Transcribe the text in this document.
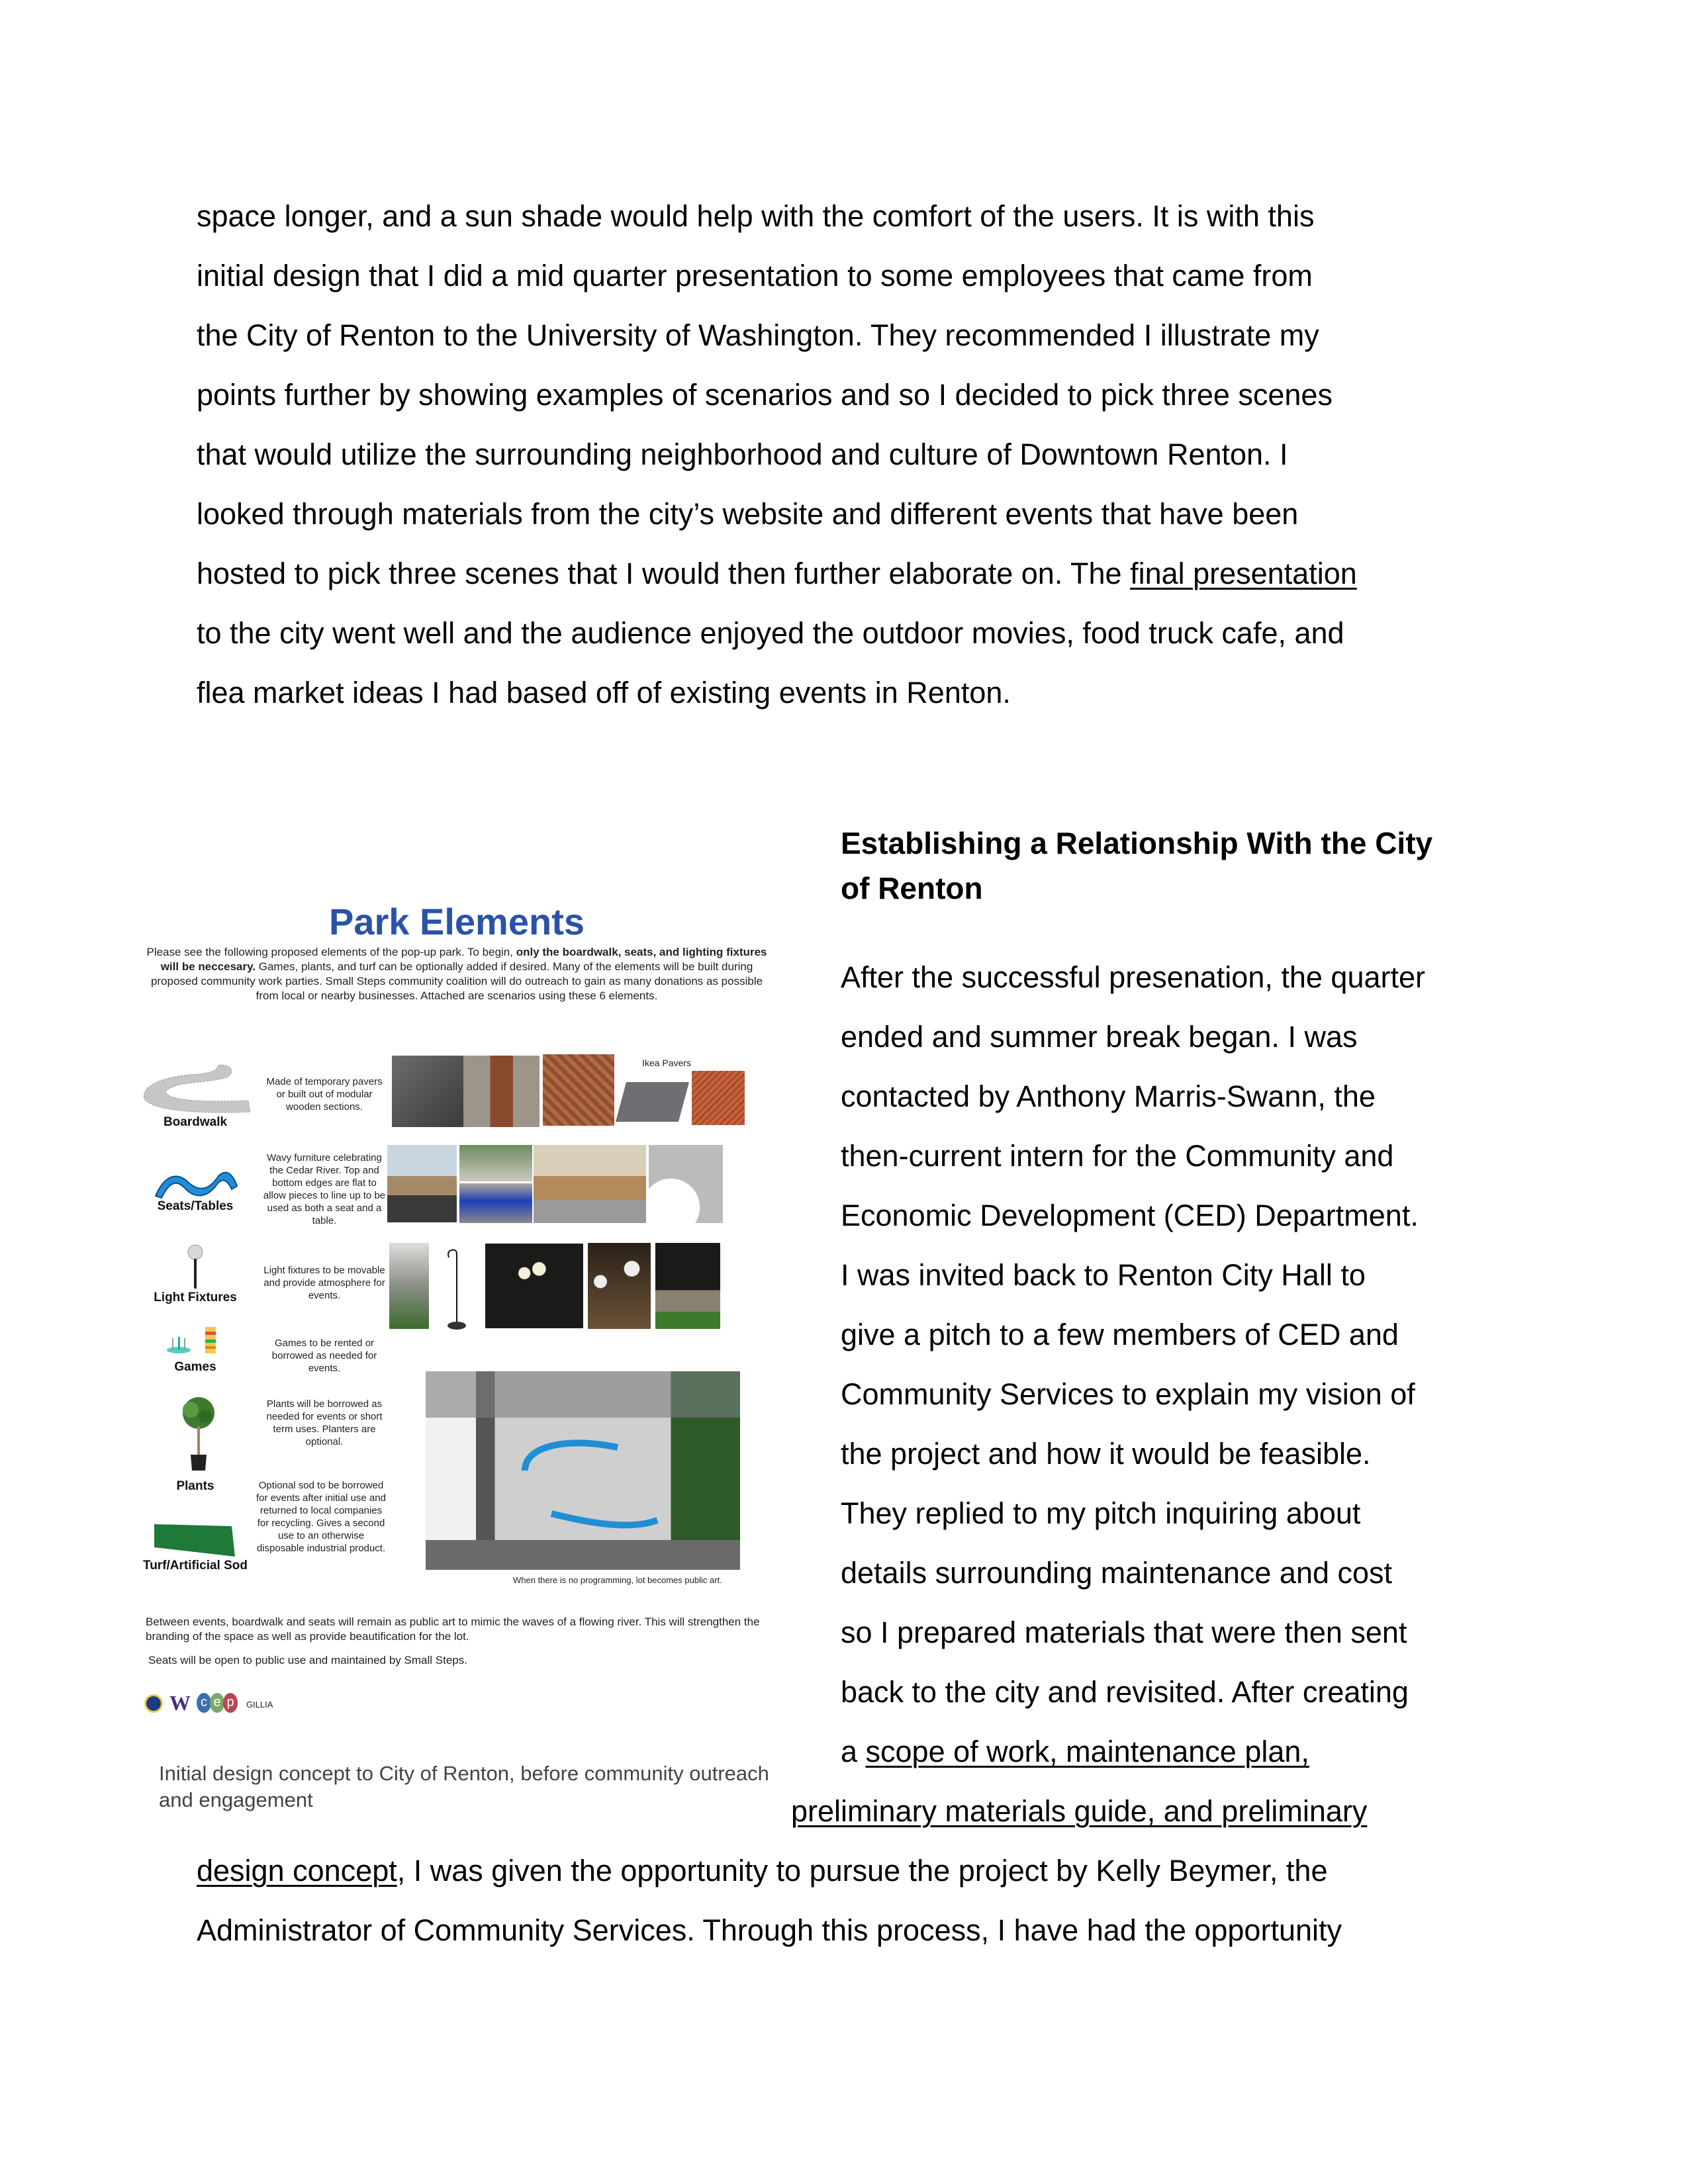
space longer, and a sun shade would help with the comfort of the users. It is with this
initial design that I did a mid quarter presentation to some employees that came from
the City of Renton to the University of Washington. They recommended I illustrate my
points further by showing examples of scenarios and so I decided to pick three scenes
that would utilize the surrounding neighborhood and culture of Downtown Renton. I
looked through materials from the city’s website and different events that have been
hosted to pick three scenes that I would then further elaborate on. The final presentation
to the city went well and the audience enjoyed the outdoor movies, food truck cafe, and
flea market ideas I had based off of existing events in Renton.
Establishing a Relationship With the City
of Renton
After the successful presenation, the quarter
ended and summer break began. I was
contacted by Anthony Marris-Swann, the
then-current intern for the Community and
Economic Development (CED) Department.
I was invited back to Renton City Hall to
give a pitch to a few members of CED and
Community Services to explain my vision of
the project and how it would be feasible.
They replied to my pitch inquiring about
details surrounding maintenance and cost
so I prepared materials that were then sent
back to the city and revisited. After creating
a scope of work, maintenance plan,
preliminary materials guide, and preliminary
design concept, I was given the opportunity to pursue the project by Kelly Beymer, the
Administrator of Community Services. Through this process, I have had the opportunity
Park Elements
Please see the following proposed elements of the pop-up park. To begin, only the boardwalk, seats, and lighting fixtures will be neccesary. Games, plants, and turf can be optionally added if desired. Many of the elements will be built during proposed community work parties. Small Steps community coalition will do outreach to gain as many donations as possible from local or nearby businesses. Attached are scenarios using these 6 elements.
Boardwalk
Made of temporary pavers or built out of modular wooden sections.
Seats/Tables
Wavy furniture celebrating the Cedar River. Top and bottom edges are flat to allow pieces to line up to be used as both a seat and a table.
Light Fixtures
Light fixtures to be movable and provide atmosphere for events.
Games
Games to be rented or borrowed as needed for events.
Plants
Plants will be borrowed as needed for events or short term uses. Planters are optional.
Turf/Artificial Sod
Optional sod to be borrowed for events after initial use and returned to local companies for recycling. Gives a second use to an otherwise disposable industrial product.
Ikea Pavers
When there is no programming, lot becomes public art.
Between events, boardwalk and seats will remain as public art to mimic the waves of a flowing river. This will strengthen the branding of the space as well as provide beautification for the lot.
Seats will be open to public use and maintained by Small Steps.
W c e p	GILLIA
Initial design concept to City of Renton, before community outreach and engagement
